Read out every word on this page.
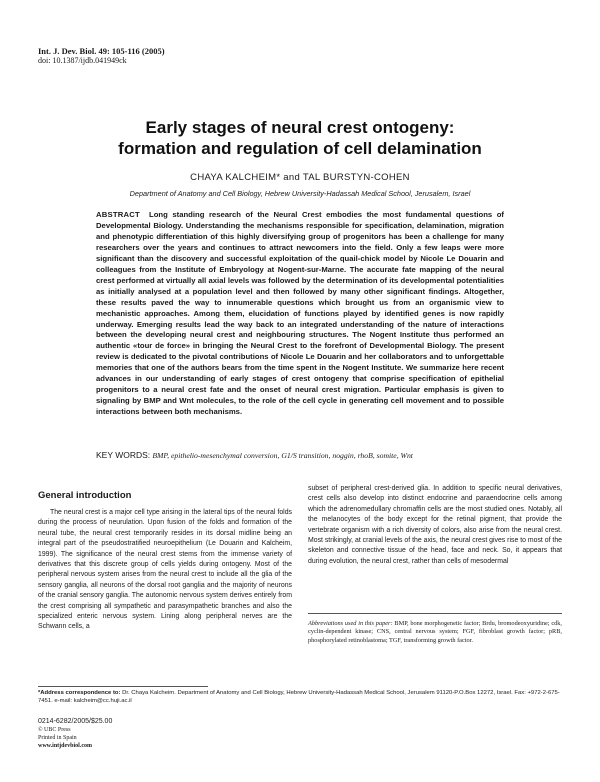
Int. J. Dev. Biol. 49: 105-116 (2005)
doi: 10.1387/ijdb.041949ck
Early stages of neural crest ontogeny:
formation and regulation of cell delamination
CHAYA KALCHEIM* and TAL BURSTYN-COHEN
Department of Anatomy and Cell Biology, Hebrew University-Hadassah Medical School, Jerusalem, Israel
ABSTRACT Long standing research of the Neural Crest embodies the most fundamental questions of Developmental Biology. Understanding the mechanisms responsible for specification, delamination, migration and phenotypic differentiation of this highly diversifying group of progenitors has been a challenge for many researchers over the years and continues to attract newcomers into the field. Only a few leaps were more significant than the discovery and successful exploitation of the quail-chick model by Nicole Le Douarin and colleagues from the Institute of Embryology at Nogent-sur-Marne. The accurate fate mapping of the neural crest performed at virtually all axial levels was followed by the determination of its developmental potentialities as initially analysed at a population level and then followed by many other significant findings. Altogether, these results paved the way to innumerable questions which brought us from an organismic view to mechanistic approaches. Among them, elucidation of functions played by identified genes is now rapidly underway. Emerging results lead the way back to an integrated understanding of the nature of interactions between the developing neural crest and neighbouring structures. The Nogent Institute thus performed an authentic «tour de force» in bringing the Neural Crest to the forefront of Developmental Biology. The present review is dedicated to the pivotal contributions of Nicole Le Douarin and her collaborators and to unforgettable memories that one of the authors bears from the time spent in the Nogent Institute. We summarize here recent advances in our understanding of early stages of crest ontogeny that comprise specification of epithelial progenitors to a neural crest fate and the onset of neural crest migration. Particular emphasis is given to signaling by BMP and Wnt molecules, to the role of the cell cycle in generating cell movement and to possible interactions between both mechanisms.
KEY WORDS: BMP, epithelio-mesenchymal conversion, G1/S transition, noggin, rhoB, somite, Wnt
General introduction

The neural crest is a major cell type arising in the lateral tips of the neural folds during the process of neurulation. Upon fusion of the folds and formation of the neural tube, the neural crest temporarily resides in its dorsal midline being an integral part of the pseudostratified neuroepithelium (Le Douarin and Kalcheim, 1999). The significance of the neural crest stems from the immense variety of derivatives that this discrete group of cells yields during ontogeny. Most of the peripheral nervous system arises from the neural crest to include all the glia of the sensory ganglia, all neurons of the dorsal root ganglia and the majority of neurons of the cranial sensory ganglia. The autonomic nervous system derives entirely from the crest comprising all sympathetic and parasympathetic branches and also the specialized enteric nervous system. Lining along peripheral nerves are the Schwann cells, a

subset of peripheral crest-derived glia. In addition to specific neural derivatives, crest cells also develop into distinct endocrine and paraendocrine cells among which the adrenomedullary chromaffin cells are the most studied ones. Notably, all the melanocytes of the body except for the retinal pigment, that provide the vertebrate organism with a rich diversity of colors, also arise from the neural crest. Most strikingly, at cranial levels of the axis, the neural crest gives rise to most of the skeleton and connective tissue of the head, face and neck. So, it appears that during evolution, the neural crest, rather than cells of mesodermal

Abbreviations used in this paper: BMP, bone morphogenetic factor; Brdu, bromodeoxyuridine; cdk, cyclin-dependent kinase; CNS, central nervous system; FGF, fibroblast growth factor; pRB, phosphorylated retinoblastoma; TGF, transforming growth factor.
*Address correspondence to: Dr. Chaya Kalcheim. Department of Anatomy and Cell Biology, Hebrew University-Hadassah Medical School, Jerusalem 91120-P.O.Box 12272, Israel. Fax: +972-2-675-7451. e-mail: kalcheim@cc.huji.ac.il
0214-6282/2005/$25.00
© UBC Press
Printed in Spain
www.intjdevbiol.com
